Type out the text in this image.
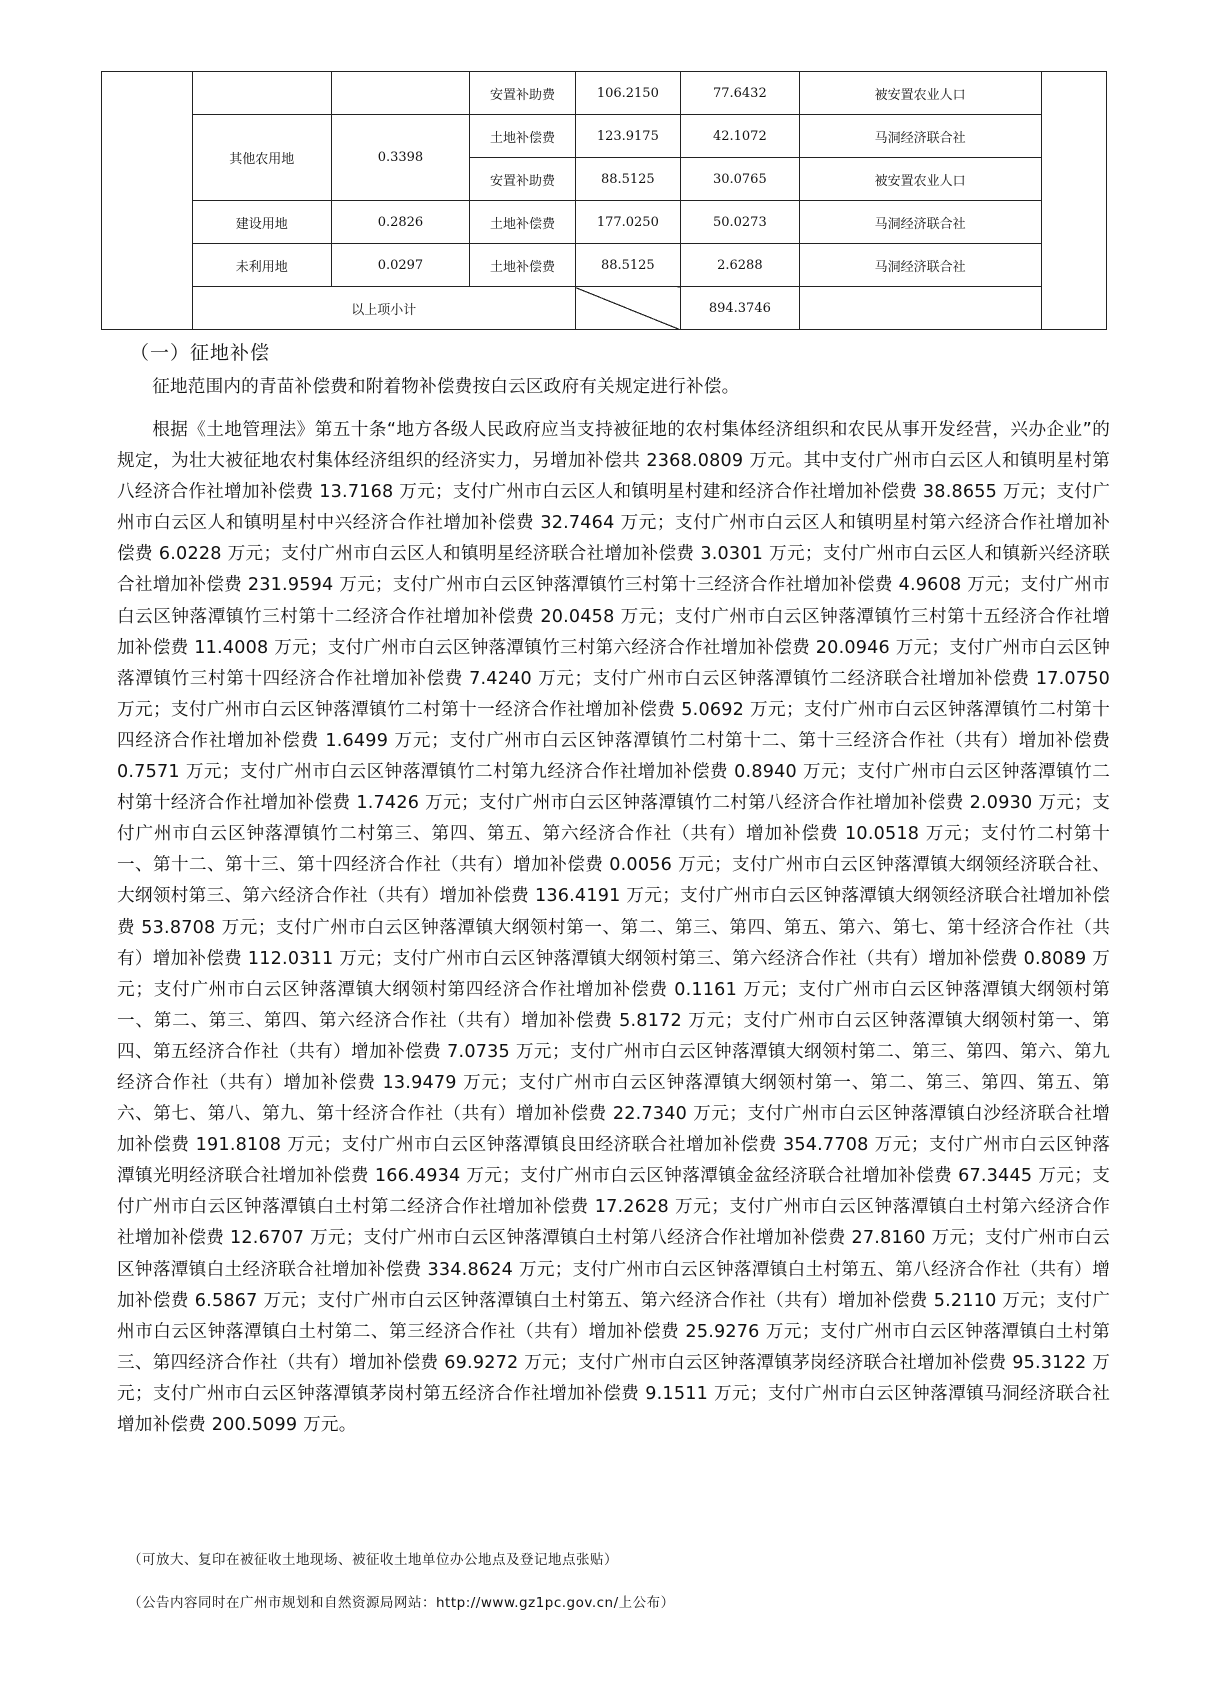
			安置补助费	106.2150	77.6432	被安置农业人口	
	其他农用地	0.3398	土地补偿费	123.9175	42.1072	马洞经济联合社	
			安置补助费	88.5125	30.0765	被安置农业人口	
	建设用地	0.2826	土地补偿费	177.0250	50.0273	马洞经济联合社	
	未利用地	0.0297	土地补偿费	88.5125	2.6288	马洞经济联合社	
	以上项小计				894.3746		
（一）征地补偿

征地范围内的青苗补偿费和附着物补偿费按白云区政府有关规定进行补偿。

根据《土地管理法》第五十条“地方各级人民政府应当支持被征地的农村集体经济组织和农民从事开发经营，兴办企业”的规定，为壮大被征地农村集体经济组织的经济实力，另增加补偿共 2368.0809 万元。其中支付广州市白云区人和镇明星村第八经济合作社增加补偿费 13.7168 万元；支付广州市白云区人和镇明星村建和经济合作社增加补偿费 38.8655 万元；支付广州市白云区人和镇明星村中兴经济合作社增加补偿费 32.7464 万元；支付广州市白云区人和镇明星村第六经济合作社增加补偿费 6.0228 万元；支付广州市白云区人和镇明星经济联合社增加补偿费 3.0301 万元；支付广州市白云区人和镇新兴经济联合社增加补偿费 231.9594 万元；支付广州市白云区钟落潭镇竹三村第十三经济合作社增加补偿费 4.9608 万元；支付广州市白云区钟落潭镇竹三村第十二经济合作社增加补偿费 20.0458 万元；支付广州市白云区钟落潭镇竹三村第十五经济合作社增加补偿费 11.4008 万元；支付广州市白云区钟落潭镇竹三村第六经济合作社增加补偿费 20.0946 万元；支付广州市白云区钟落潭镇竹三村第十四经济合作社增加补偿费 7.4240 万元；支付广州市白云区钟落潭镇竹二经济联合社增加补偿费 17.0750 万元；支付广州市白云区钟落潭镇竹二村第十一经济合作社增加补偿费 5.0692 万元；支付广州市白云区钟落潭镇竹二村第十四经济合作社增加补偿费 1.6499 万元；支付广州市白云区钟落潭镇竹二村第十二、第十三经济合作社（共有）增加补偿费 0.7571 万元；支付广州市白云区钟落潭镇竹二村第九经济合作社增加补偿费 0.8940 万元；支付广州市白云区钟落潭镇竹二村第十经济合作社增加补偿费 1.7426 万元；支付广州市白云区钟落潭镇竹二村第八经济合作社增加补偿费 2.0930 万元；支付广州市白云区钟落潭镇竹二村第三、第四、第五、第六经济合作社（共有）增加补偿费 10.0518 万元；支付竹二村第十一、第十二、第十三、第十四经济合作社（共有）增加补偿费 0.0056 万元；支付广州市白云区钟落潭镇大纲领经济联合社、大纲领村第三、第六经济合作社（共有）增加补偿费 136.4191 万元；支付广州市白云区钟落潭镇大纲领经济联合社增加补偿费 53.8708 万元；支付广州市白云区钟落潭镇大纲领村第一、第二、第三、第四、第五、第六、第七、第十经济合作社（共有）增加补偿费 112.0311 万元；支付广州市白云区钟落潭镇大纲领村第三、第六经济合作社（共有）增加补偿费 0.8089 万元；支付广州市白云区钟落潭镇大纲领村第四经济合作社增加补偿费 0.1161 万元；支付广州市白云区钟落潭镇大纲领村第一、第二、第三、第四、第六经济合作社（共有）增加补偿费 5.8172 万元；支付广州市白云区钟落潭镇大纲领村第一、第四、第五经济合作社（共有）增加补偿费 7.0735 万元；支付广州市白云区钟落潭镇大纲领村第二、第三、第四、第六、第九经济合作社（共有）增加补偿费 13.9479 万元；支付广州市白云区钟落潭镇大纲领村第一、第二、第三、第四、第五、第六、第七、第八、第九、第十经济合作社（共有）增加补偿费 22.7340 万元；支付广州市白云区钟落潭镇白沙经济联合社增加补偿费 191.8108 万元；支付广州市白云区钟落潭镇良田经济联合社增加补偿费 354.7708 万元；支付广州市白云区钟落潭镇光明经济联合社增加补偿费 166.4934 万元；支付广州市白云区钟落潭镇金盆经济联合社增加补偿费 67.3445 万元；支付广州市白云区钟落潭镇白土村第二经济合作社增加补偿费 17.2628 万元；支付广州市白云区钟落潭镇白土村第六经济合作社增加补偿费 12.6707 万元；支付广州市白云区钟落潭镇白土村第八经济合作社增加补偿费 27.8160 万元；支付广州市白云区钟落潭镇白土经济联合社增加补偿费 334.8624 万元；支付广州市白云区钟落潭镇白土村第五、第八经济合作社（共有）增加补偿费 6.5867 万元；支付广州市白云区钟落潭镇白土村第五、第六经济合作社（共有）增加补偿费 5.2110 万元；支付广州市白云区钟落潭镇白土村第二、第三经济合作社（共有）增加补偿费 25.9276 万元；支付广州市白云区钟落潭镇白土村第三、第四经济合作社（共有）增加补偿费 69.9272 万元；支付广州市白云区钟落潭镇茅岗经济联合社增加补偿费 95.3122 万元；支付广州市白云区钟落潭镇茅岗村第五经济合作社增加补偿费 9.1511 万元；支付广州市白云区钟落潭镇马洞经济联合社增加补偿费 200.5099 万元。

（可放大、复印在被征收土地现场、被征收土地单位办公地点及登记地点张贴）
（公告内容同时在广州市规划和自然资源局网站：http://www.gz1pc.gov.cn/上公布）
